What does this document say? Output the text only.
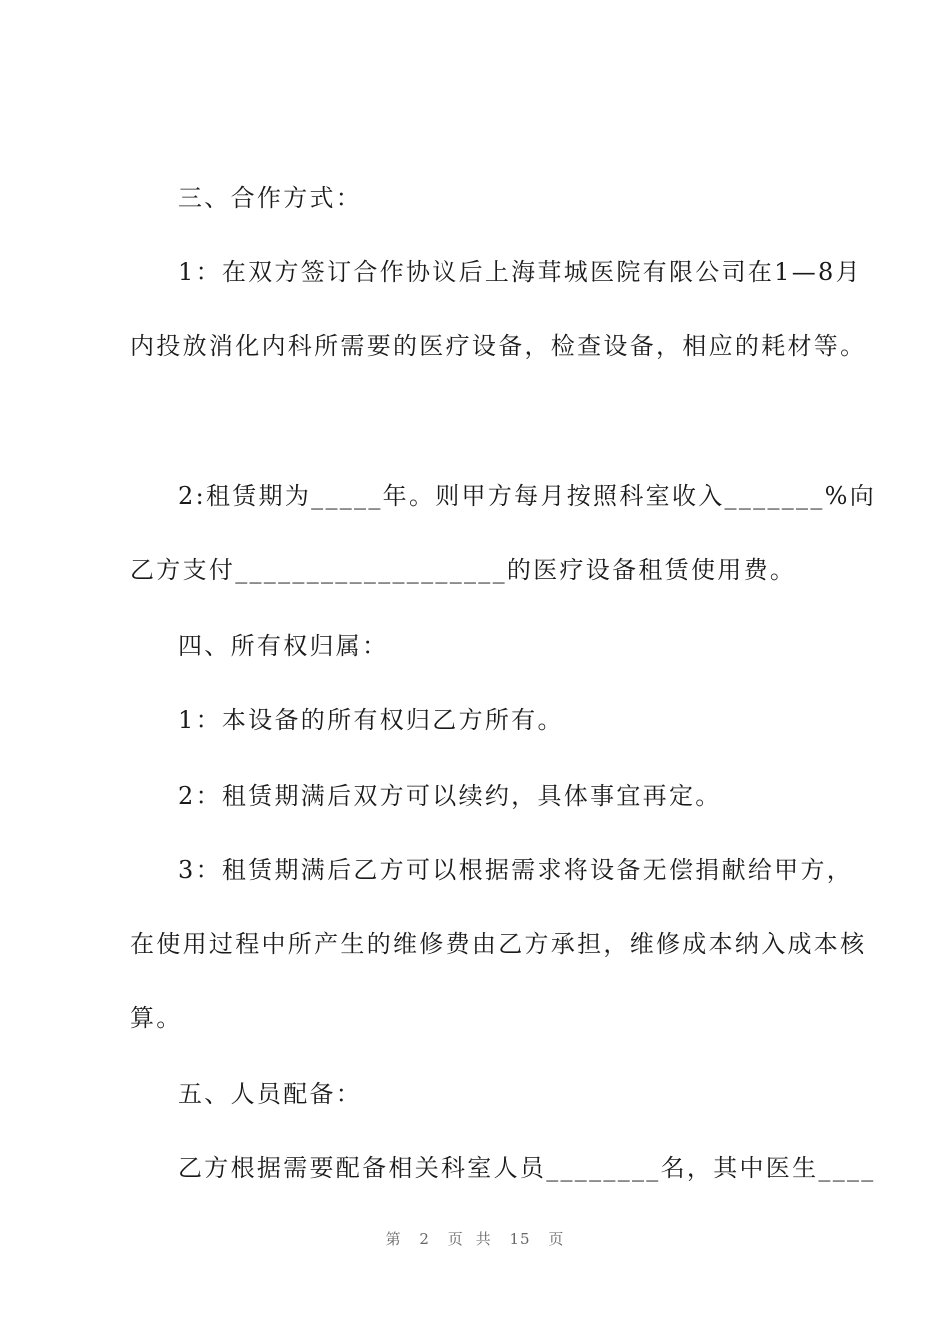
三、合作方式：
1：在双方签订合作协议后上海茸城医院有限公司在1—8月
内投放消化内科所需要的医疗设备，检查设备，相应的耗材等。
2:租赁期为_____年。则甲方每月按照科室收入_______%向
乙方支付___________________的医疗设备租赁使用费。
四、所有权归属：
1：本设备的所有权归乙方所有。
2：租赁期满后双方可以续约，具体事宜再定。
3：租赁期满后乙方可以根据需求将设备无偿捐献给甲方，
在使用过程中所产生的维修费由乙方承担，维修成本纳入成本核
算。
五、人员配备：
乙方根据需要配备相关科室人员________名，其中医生____
第 2 页 共 15 页
